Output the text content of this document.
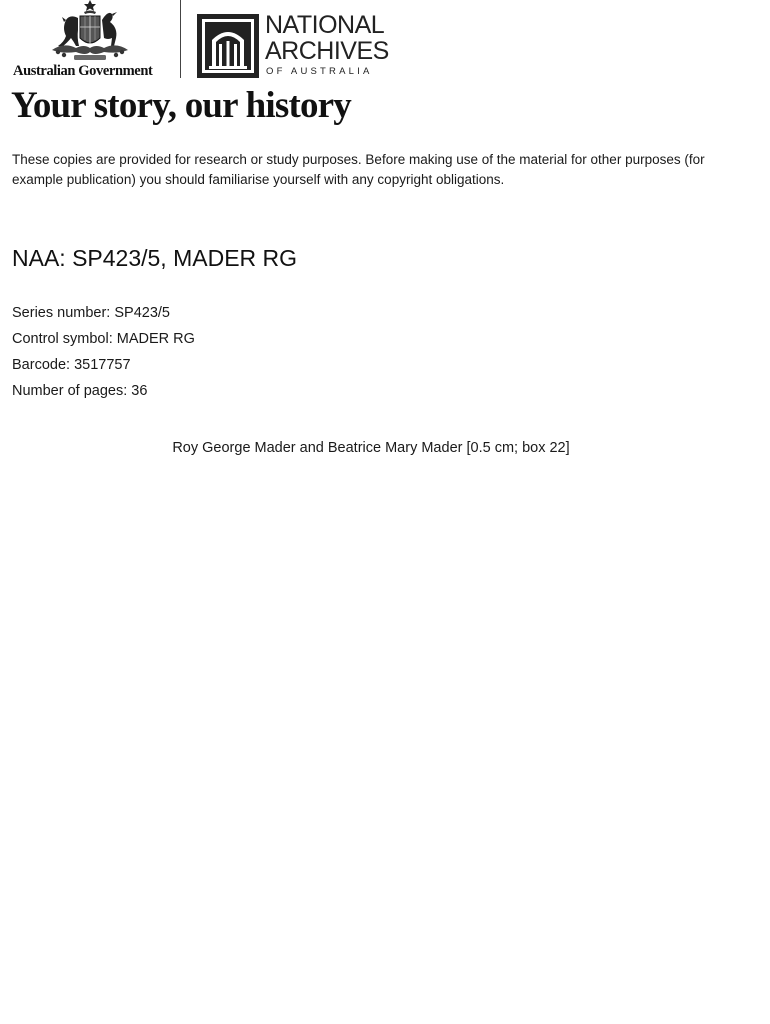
Australian Government
NATIONAL
ARCHIVES
OF AUSTRALIA
Your story, our history
These copies are provided for research or study purposes. Before making use of the material for other purposes (for example publication) you should familiarise yourself with any copyright obligations.
NAA: SP423/5, MADER RG
Series number: SP423/5
Control symbol: MADER RG
Barcode: 3517757
Number of pages: 36
Roy George Mader and Beatrice Mary Mader [0.5 cm; box 22]
